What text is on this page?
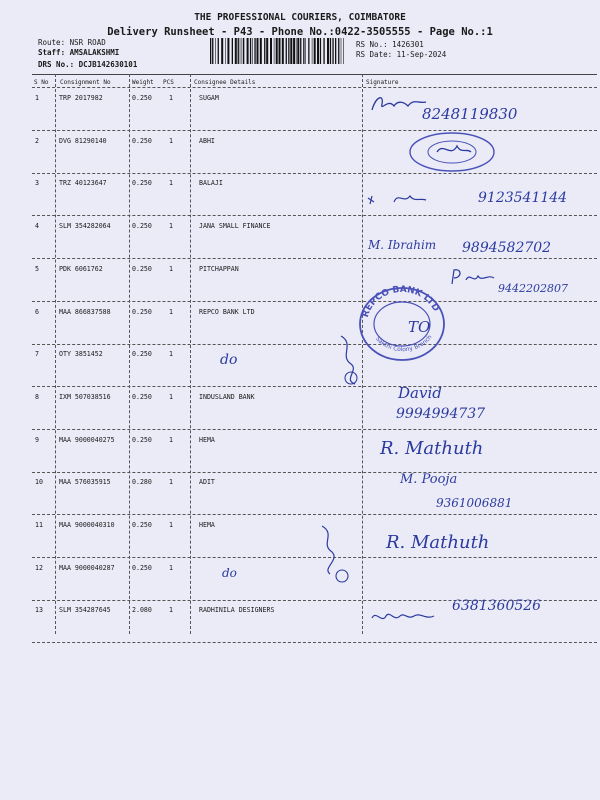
THE PROFESSIONAL COURIERS, COIMBATORE
Delivery Runsheet - P43 - Phone No.:0422-3505555 - Page No.:1
Route: NSR ROAD
Staff: AMSALAKSHMI
DRS No.: DCJB142630101
RS No.: 1426301
RS Date: 11-Sep-2024
S No Consignment No	Weight PCS	Consignee Details	Signature
1	TRP 2017982	0.250	1	SUGAM
2	DVG 81290140	0.250	1	ABHI
3	TRZ 40123647	0.250	1	BALAJI
4	SLM 354282064	0.250	1	JANA SMALL FINANCE
5	PDK 6061762	0.250	1	PITCHAPPAN
6	MAA 866837588	0.250	1	REPCO BANK LTD
7	OTY 3851452	0.250	1
8	IXM 507038516	0.250	1	INDUSLAND BANK
9	MAA 9000040275	0.250	1	HEMA
10 MAA 576035915	0.280	1	ADIT
11 MAA 9000040310	0.250	1	HEMA
12 MAA 9000040287	0.250	1
13 SLM 354287645	2.080	1	RADHINILA DESIGNERS
8248119830
9123541144
M. Ibrahim 9894582702
9442202807
REPCO BANK LTD
Sakthi Colony Branch
TO
do
David
9994994737
R. Mathuth
M. Pooja
9361006881
R. Mathuth
do
6381360526
